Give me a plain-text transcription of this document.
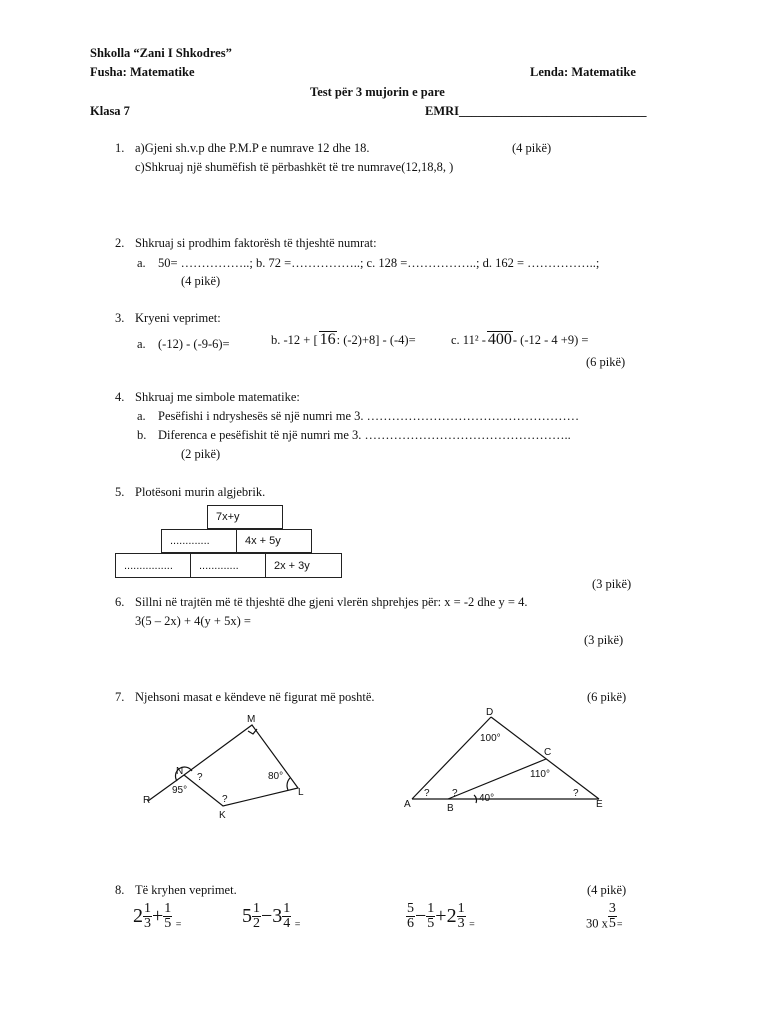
Shkolla “Zani I Shkodres”
Fusha: Matematike	Lenda: Matematike
Test për 3 mujorin e pare
Klasa 7	EMRI______________________________
1. a)Gjeni sh.v.p dhe P.M.P e numrave 12 dhe 18.	(4 pikë)
c)Shkruaj një shumëfish të përbashkët të tre numrave(12,18,8, )
2. Shkruaj si prodhim faktorësh të thjeshtë numrat:
a. 50= ……………..; b. 72 =……………..; c. 128 =……………..; d. 162 = ……………..;
(4 pikë)
3. Kryeni veprimet:
a. (-12) - (-9-6)=	b. -12 + [ 16: (-2)+8] - (-4)=	c. 11² - 400- (-12 - 4 +9) =
(6 pikë)
4. Shkruaj me simbole matematike:
a. Pesëfishi i ndryshesës së një numri me 3. ……………………………………………
b. Diferenca e pesëfishit të një numri me 3. …………………………………………..
(2 pikë)
5. Plotësoni murin algjebrik.
7x+y
.............	4x + 5y
................	.............	2x + 3y
(3 pikë)
6. Sillni në trajtën më të thjeshtë dhe gjeni vlerën shprehjes për: x = -2 dhe y = 4.
3(5 – 2x) + 4(y + 5x) =
(3 pikë)
7. Njehsoni masat e këndeve në figurat më poshtë.	(6 pikë)
M
N
L
K
R
95°
80°
?
?
D
C
A	B	E
100°
110°
40°
? ?	?
8. Të kryhen veprimet.	(4 pikë)
$2 \frac{1}{3} + \frac{1}{5}$ =	$5 \frac{1}{2} -3 \frac{1}{4}$ =	$\frac{5}{6} - \frac{1}{5} +2 \frac{1}{3}$ =	30 x $\frac{3}{5}$ =
